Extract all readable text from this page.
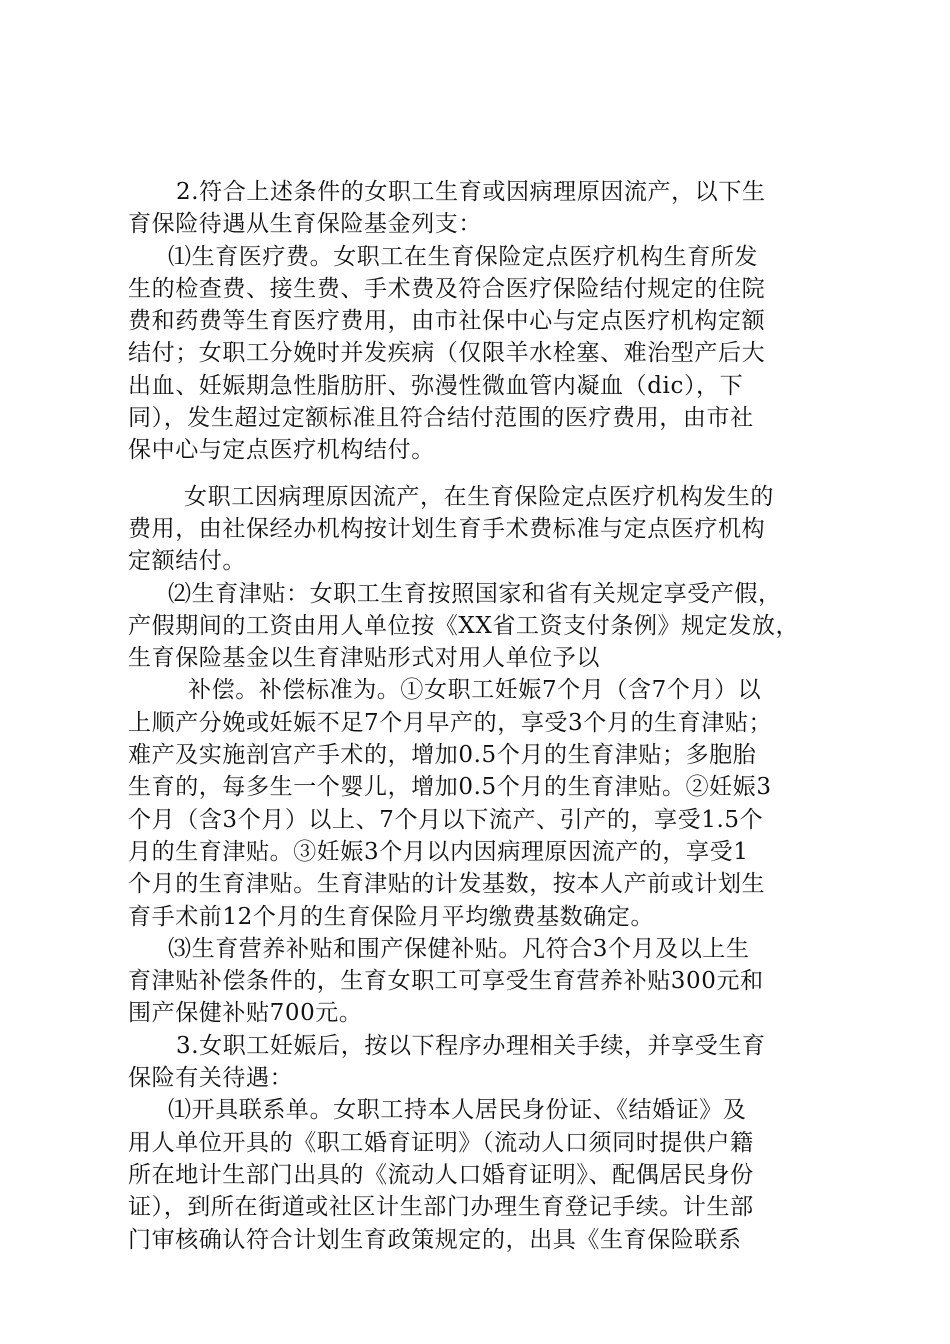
2.符合上述条件的女职工生育或因病理原因流产，以下生
育保险待遇从生育保险基金列支：
⑴生育医疗费。女职工在生育保险定点医疗机构生育所发
生的检查费、接生费、手术费及符合医疗保险结付规定的住院
费和药费等生育医疗费用，由市社保中心与定点医疗机构定额
结付；女职工分娩时并发疾病（仅限羊水栓塞、难治型产后大
出血、妊娠期急性脂肪肝、弥漫性微血管内凝血（dic），下
同），发生超过定额标准且符合结付范围的医疗费用，由市社
保中心与定点医疗机构结付。
女职工因病理原因流产，在生育保险定点医疗机构发生的
费用，由社保经办机构按计划生育手术费标准与定点医疗机构
定额结付。
⑵生育津贴：女职工生育按照国家和省有关规定享受产假，
产假期间的工资由用人单位按《XX省工资支付条例》规定发放，
生育保险基金以生育津贴形式对用人单位予以
补偿。补偿标准为。①女职工妊娠7个月（含7个月）以
上顺产分娩或妊娠不足7个月早产的，享受3个月的生育津贴；
难产及实施剖宫产手术的，增加0.5个月的生育津贴；多胞胎
生育的，每多生一个婴儿，增加0.5个月的生育津贴。②妊娠3
个月（含3个月）以上、7个月以下流产、引产的，享受1.5个
月的生育津贴。③妊娠3个月以内因病理原因流产的，享受1
个月的生育津贴。生育津贴的计发基数，按本人产前或计划生
育手术前12个月的生育保险月平均缴费基数确定。
⑶生育营养补贴和围产保健补贴。凡符合3个月及以上生
育津贴补偿条件的，生育女职工可享受生育营养补贴300元和
围产保健补贴700元。
3.女职工妊娠后，按以下程序办理相关手续，并享受生育
保险有关待遇：
⑴开具联系单。女职工持本人居民身份证、《结婚证》及
用人单位开具的《职工婚育证明》（流动人口须同时提供户籍
所在地计生部门出具的《流动人口婚育证明》、配偶居民身份
证），到所在街道或社区计生部门办理生育登记手续。计生部
门审核确认符合计划生育政策规定的，出具《生育保险联系
